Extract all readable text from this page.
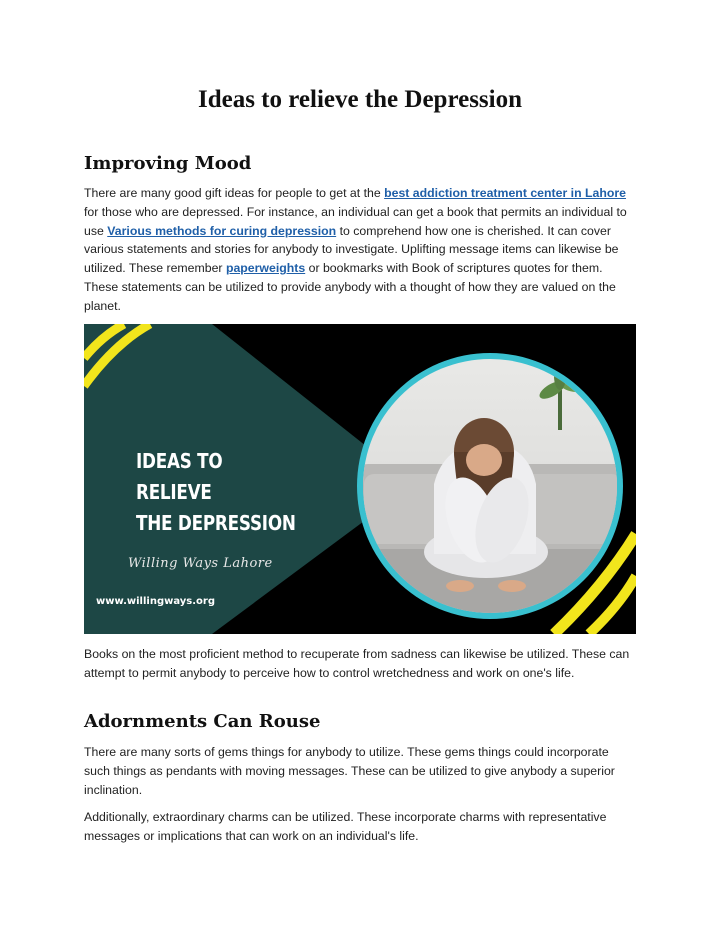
Ideas to relieve the Depression
Improving Mood

There are many good gift ideas for people to get at the best addiction treatment center in Lahore for those who are depressed. For instance, an individual can get a book that permits an individual to use Various methods for curing depression to comprehend how one is cherished. It can cover various statements and stories for anybody to investigate. Uplifting message items can likewise be utilized. These remember paperweights or bookmarks with Book of scriptures quotes for them. These statements can be utilized to provide anybody with a thought of how they are valued on the planet.

IDEAS TO RELIEVE
THE DEPRESSION
Willing Ways Lahore
www.willingways.org

Books on the most proficient method to recuperate from sadness can likewise be utilized. These can attempt to permit anybody to perceive how to control wretchedness and work on one's life.

Adornments Can Rouse

There are many sorts of gems things for anybody to utilize. These gems things could incorporate such things as pendants with moving messages. These can be utilized to give anybody a superior inclination.

Additionally, extraordinary charms can be utilized. These incorporate charms with representative messages or implications that can work on an individual's life.
